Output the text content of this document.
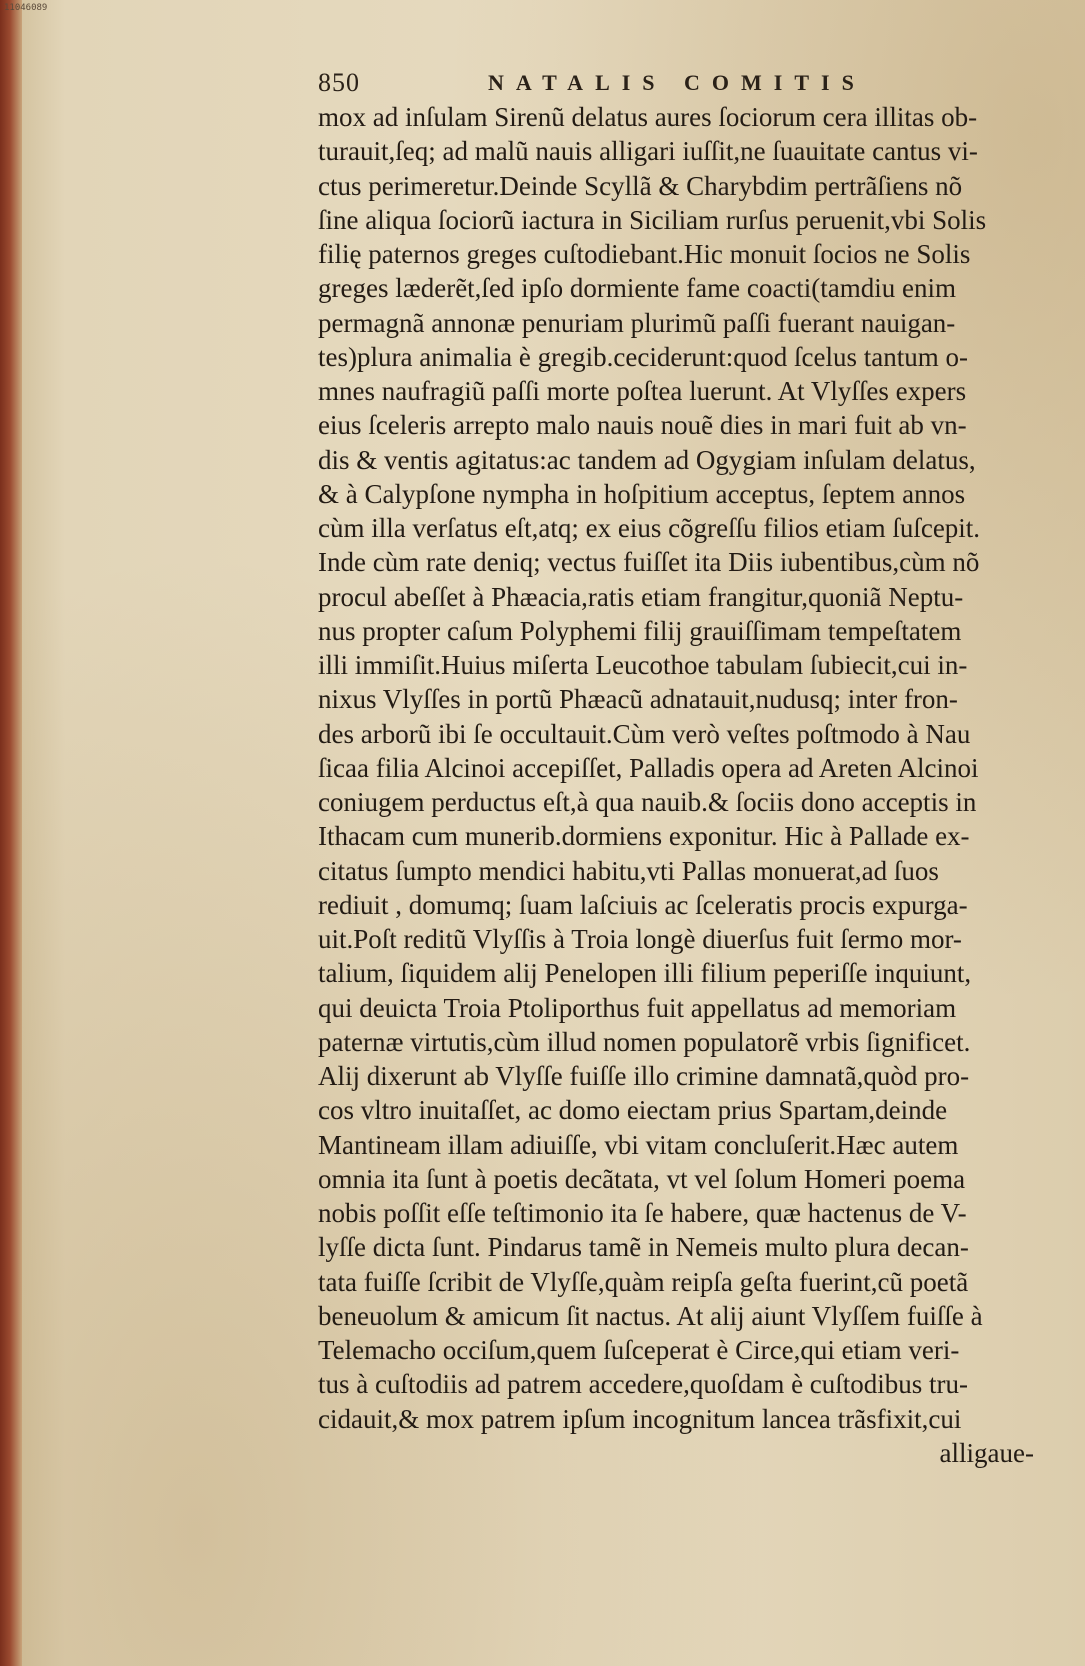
11046089
850	NATALIS COMITIS
mox ad inſulam Sirenũ delatus aures ſociorum cera illitas ob-
turauit,ſeq; ad malũ nauis alligari iuſſit,ne ſuauitate cantus vi-
ctus perimeretur.Deinde Scyllã & Charybdim pertrãſiens nõ
ſine aliqua ſociorũ iactura in Siciliam rurſus peruenit,vbi Solis
filię paternos greges cuſtodiebant.Hic monuit ſocios ne Solis
greges læderẽt,ſed ipſo dormiente fame coacti(tamdiu enim
permagnã annonæ penuriam plurimũ paſſi fuerant nauigan-
tes)plura animalia è gregib.ceciderunt:quod ſcelus tantum o-
mnes naufragiũ paſſi morte poſtea luerunt. At Vlyſſes expers
eius ſceleris arrepto malo nauis nouẽ dies in mari fuit ab vn-
dis & ventis agitatus:ac tandem ad Ogygiam inſulam delatus,
& à Calypſone nympha in hoſpitium acceptus, ſeptem annos
cùm illa verſatus eſt,atq; ex eius cõgreſſu filios etiam ſuſcepit.
Inde cùm rate deniq; vectus fuiſſet ita Diis iubentibus,cùm nõ
procul abeſſet à Phæacia,ratis etiam frangitur,quoniã Neptu-
nus propter caſum Polyphemi filij grauiſſimam tempeſtatem
illi immiſit.Huius miſerta Leucothoe tabulam ſubiecit,cui in-
nixus Vlyſſes in portũ Phæacũ adnatauit,nudusq; inter fron-
des arborũ ibi ſe occultauit.Cùm verò veſtes poſtmodo à Nau
ſicaa filia Alcinoi accepiſſet, Palladis opera ad Areten Alcinoi
coniugem perductus eſt,à qua nauib.& ſociis dono acceptis in
Ithacam cum munerib.dormiens exponitur. Hic à Pallade ex-
citatus ſumpto mendici habitu,vti Pallas monuerat,ad ſuos
rediuit , domumq; ſuam laſciuis ac ſceleratis procis expurga-
uit.Poſt reditũ Vlyſſis à Troia longè diuerſus fuit ſermo mor-
talium, ſiquidem alij Penelopen illi filium peperiſſe inquiunt,
qui deuicta Troia Ptoliporthus fuit appellatus ad memoriam
paternæ virtutis,cùm illud nomen populatorẽ vrbis ſignificet.
Alij dixerunt ab Vlyſſe fuiſſe illo crimine damnatã,quòd pro-
cos vltro inuitaſſet, ac domo eiectam prius Spartam,deinde
Mantineam illam adiuiſſe, vbi vitam concluſerit.Hæc autem
omnia ita ſunt à poetis decãtata, vt vel ſolum Homeri poema
nobis poſſit eſſe teſtimonio ita ſe habere, quæ hactenus de V-
lyſſe dicta ſunt. Pindarus tamẽ in Nemeis multo plura decan-
tata fuiſſe ſcribit de Vlyſſe,quàm reipſa geſta fuerint,cũ poetã
beneuolum & amicum ſit nactus. At alij aiunt Vlyſſem fuiſſe à
Telemacho occiſum,quem ſuſceperat è Circe,qui etiam veri-
tus à cuſtodiis ad patrem accedere,quoſdam è cuſtodibus tru-
cidauit,& mox patrem ipſum incognitum lancea trãsfixit,cui
alligaue-
